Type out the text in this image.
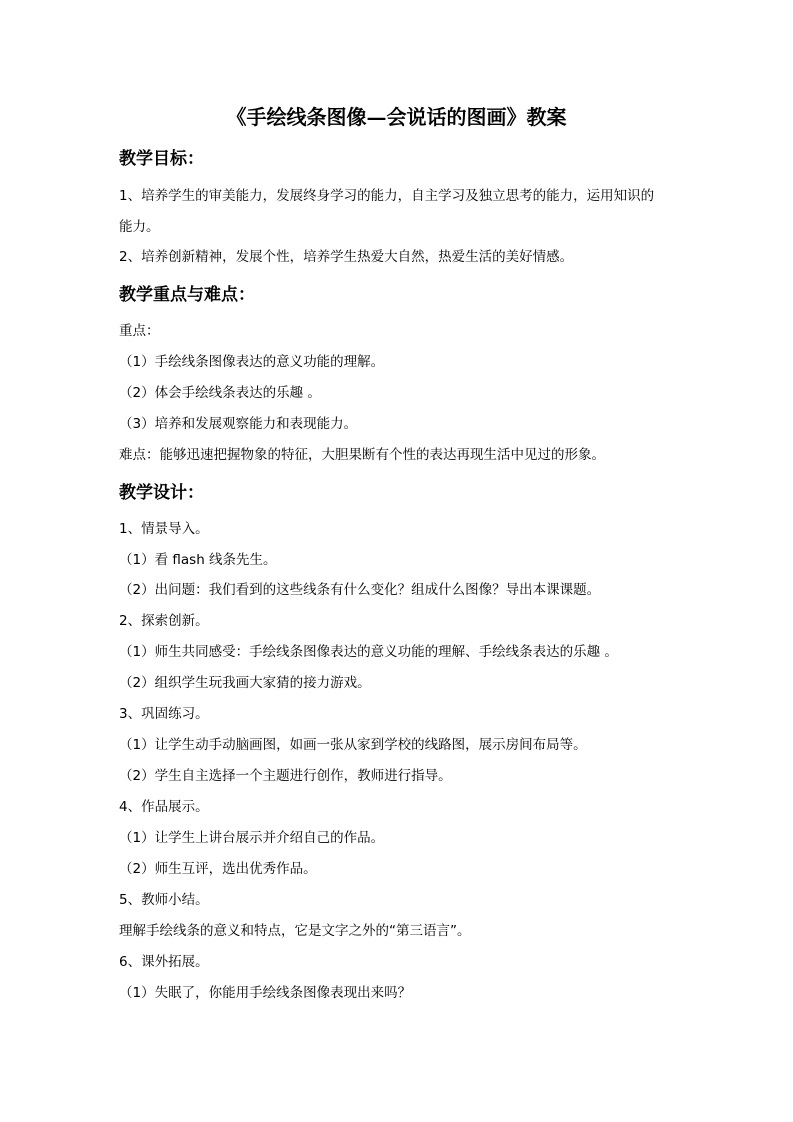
《手绘线条图像—会说话的图画》教案
教学目标：
1、培养学生的审美能力，发展终身学习的能力，自主学习及独立思考的能力，运用知识的
能力。
2、培养创新精神，发展个性，培养学生热爱大自然，热爱生活的美好情感。
教学重点与难点：
重点：
（1）手绘线条图像表达的意义功能的理解。
（2）体会手绘线条表达的乐趣 。
（3）培养和发展观察能力和表现能力。
难点：能够迅速把握物象的特征，大胆果断有个性的表达再现生活中见过的形象。
教学设计：
1、情景导入。
（1）看 flash 线条先生。
（2）出问题：我们看到的这些线条有什么变化？组成什么图像？导出本课课题。
2、探索创新。
（1）师生共同感受：手绘线条图像表达的意义功能的理解、手绘线条表达的乐趣 。
（2）组织学生玩我画大家猜的接力游戏。
3、巩固练习。
（1）让学生动手动脑画图，如画一张从家到学校的线路图，展示房间布局等。
（2）学生自主选择一个主题进行创作，教师进行指导。
4、作品展示。
（1）让学生上讲台展示并介绍自己的作品。
（2）师生互评，选出优秀作品。
5、教师小结。
理解手绘线条的意义和特点，它是文字之外的“第三语言”。
6、课外拓展。
（1）失眠了，你能用手绘线条图像表现出来吗？
